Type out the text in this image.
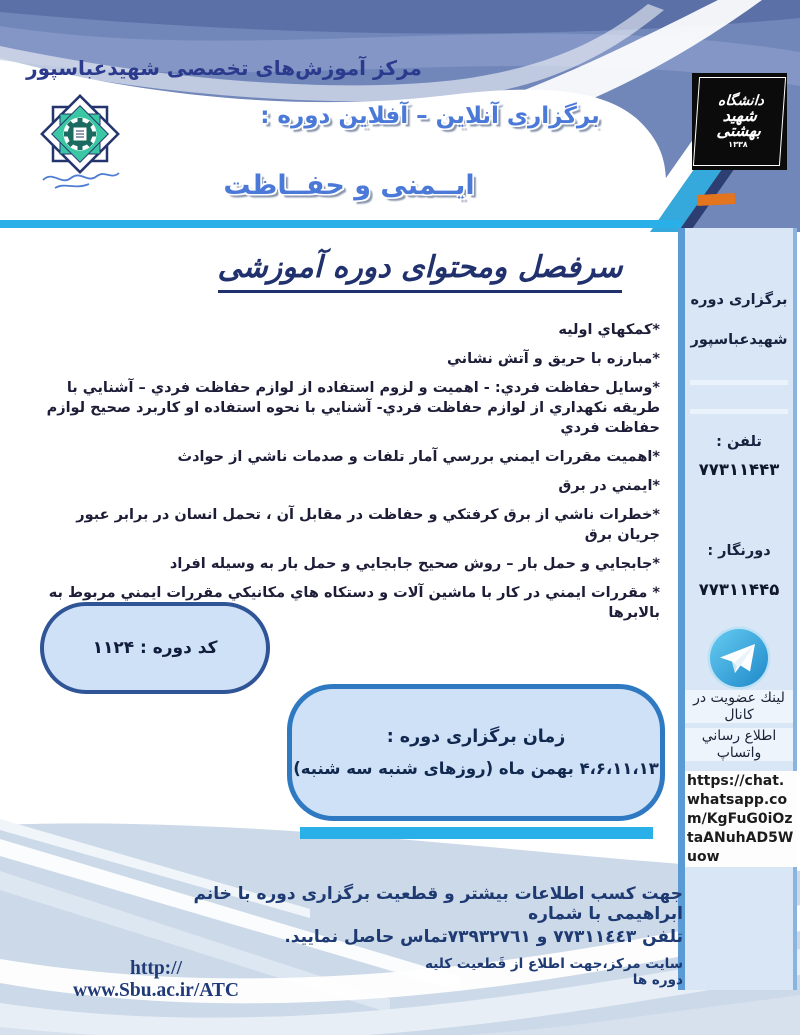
مرکز آموزش‌های تخصصی شهیدعباسپور
برگزاری آنلاین – آفلاین دوره :
ایــمنی و حفــاظت
دانشگاه
شهید
بهشتی
۱۳۳۸
سرفصل ومحتوای دوره آموزشی
*کمکهاي اوليه
*مبارزه با حريق و آتش نشاني
*وسايل حفاظت فردي: - اهميت و لزوم استفاده از لوازم حفاظت فردي – آشنايي با طريقه نكهداري از لوازم حفاظت فردي- آشنايي با نحوه استفاده او كاربرد صحيح لوازم حفاظت فردي
*اهميت مقررات ايمني بررسي آمار تلفات و صدمات ناشي از حوادث
*ايمني در برق
*خطرات ناشي از برق كرفتكي و حفاظت در مقابل آن ، تحمل انسان در برابر عبور جريان برق
*جابجايي و حمل بار – روش صحيح جابجايي و حمل بار به وسيله افراد
* مقررات ايمني در كار با ماشين آلات و دستكاه هاي مكانيكي مقررات ايمني مربوط به بالابرها
کد دوره : ۱۱۲۴
زمان برگزاری دوره :
۴،۶،۱۱،۱۳ بهمن ماه (روزهای شنبه سه شنبه)
برگزاری دوره
شهیدعباسپور
تلفن :
۷۷۳۱۱۴۴۳
دورنگار :
۷۷۳۱۱۴۴۵
لینك عضویت در كانال
اطلاع رساني واتساپ
https://chat.whatsapp.com/KgFuG0iOztaANuhAD5Wuow
جهت کسب اطلاعات بیشتر و قطعیت برگزاری دوره با خانم ابراهیمی با شماره
تلفن ٧٧٣١١٤٤٣ و ٧٣٩٣٢٧٦١تماس حاصل نمایید.
سایت مرکز،جهت اطلاع از قَطعیت کلیه دوره ها
http:// www.Sbu.ac.ir/ATC
